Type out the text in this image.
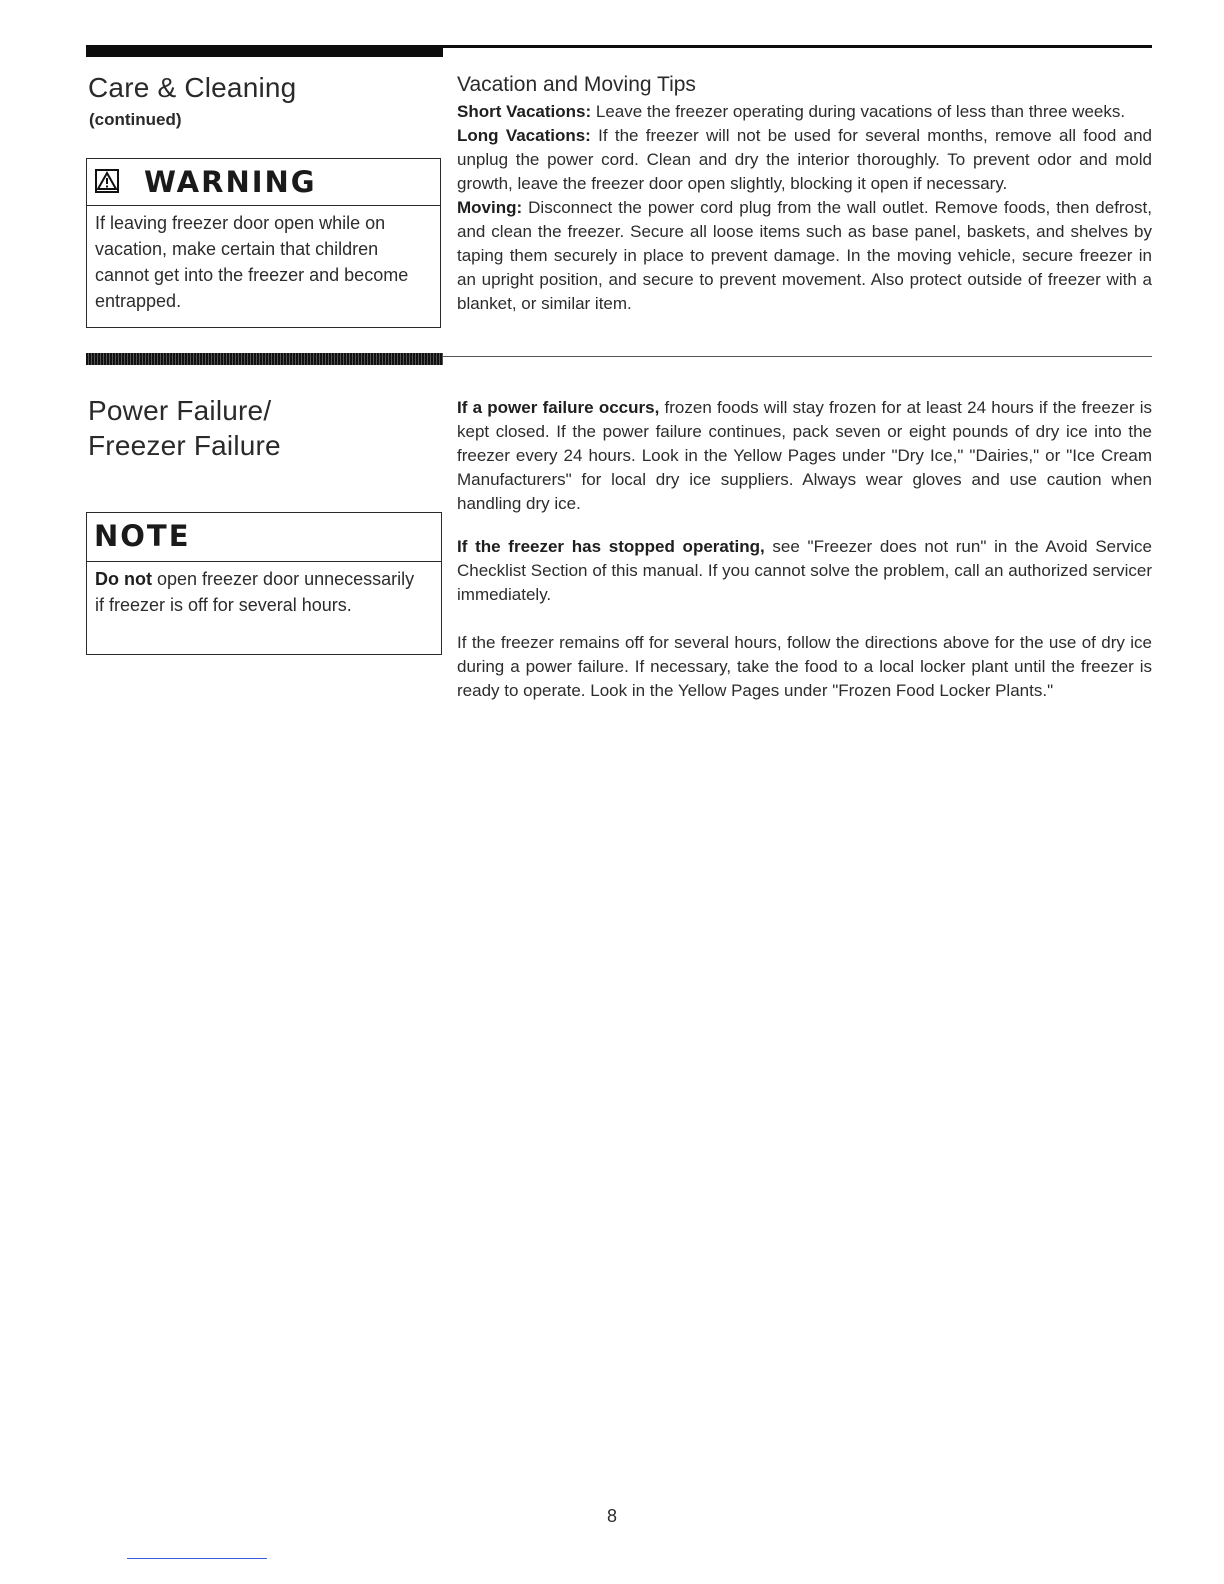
Care & Cleaning
(continued)
WARNING
If leaving freezer door open while on vacation, make certain that children cannot get into the freezer and become entrapped.
Vacation and Moving Tips

Short Vacations: Leave the freezer operating during vacations of less than three weeks.

Long Vacations: If the freezer will not be used for several months, remove all food and unplug the power cord. Clean and dry the interior thoroughly. To prevent odor and mold growth, leave the freezer door open slightly, blocking it open if necessary.

Moving: Disconnect the power cord plug from the wall outlet. Remove foods, then defrost, and clean the freezer. Secure all loose items such as base panel, baskets, and shelves by taping them securely in place to prevent damage. In the moving vehicle, secure freezer in an upright position, and secure to prevent movement. Also protect outside of freezer with a blanket, or similar item.

Power Failure/
Freezer Failure
NOTE
Do not open freezer door unnecessarily if freezer is off for several hours.

If a power failure occurs, frozen foods will stay frozen for at least 24 hours if the freezer is kept closed. If the power failure continues, pack seven or eight pounds of dry ice into the freezer every 24 hours. Look in the Yellow Pages under "Dry Ice," "Dairies," or "Ice Cream Manufacturers" for local dry ice suppliers. Always wear gloves and use caution when handling dry ice.

If the freezer has stopped operating, see "Freezer does not run" in the Avoid Service Checklist Section of this manual. If you cannot solve the problem, call an authorized servicer immediately.

If the freezer remains off for several hours, follow the directions above for the use of dry ice during a power failure. If necessary, take the food to a local locker plant until the freezer is ready to operate. Look in the Yellow Pages under "Frozen Food Locker Plants."

8
